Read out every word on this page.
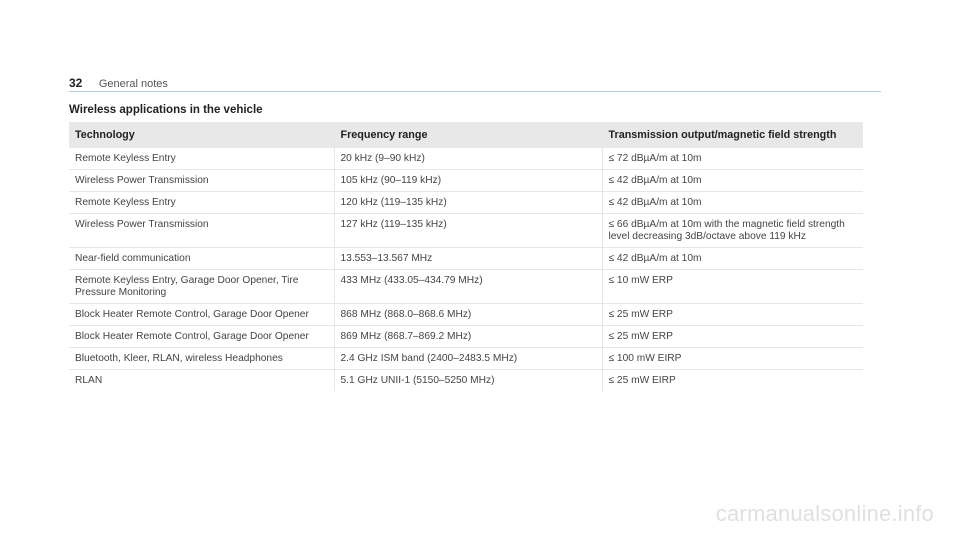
32 General notes
Wireless applications in the vehicle
Technology	Frequency range	Transmission output/magnetic field strength
Remote Keyless Entry	20 kHz (9–90 kHz)	≤ 72 dBµA/m at 10m
Wireless Power Transmission	105 kHz (90–119 kHz)	≤ 42 dBµA/m at 10m
Remote Keyless Entry	120 kHz (119–135 kHz)	≤ 42 dBµA/m at 10m
Wireless Power Transmission	127 kHz (119–135 kHz)	≤ 66 dBµA/m at 10m with the magnetic field strength level decreasing 3dB/octave above 119 kHz
Near-field communication	13.553–13.567 MHz	≤ 42 dBµA/m at 10m
Remote Keyless Entry, Garage Door Opener, Tire Pressure Monitoring	433 MHz (433.05–434.79 MHz)	≤ 10 mW ERP
Block Heater Remote Control, Garage Door Opener	868 MHz (868.0–868.6 MHz)	≤ 25 mW ERP
Block Heater Remote Control, Garage Door Opener	869 MHz (868.7–869.2 MHz)	≤ 25 mW ERP
Bluetooth, Kleer, RLAN, wireless Headphones	2.4 GHz ISM band (2400–2483.5 MHz)	≤ 100 mW EIRP
RLAN	5.1 GHz UNII-1 (5150–5250 MHz)	≤ 25 mW EIRP
carmanualsonline.info
